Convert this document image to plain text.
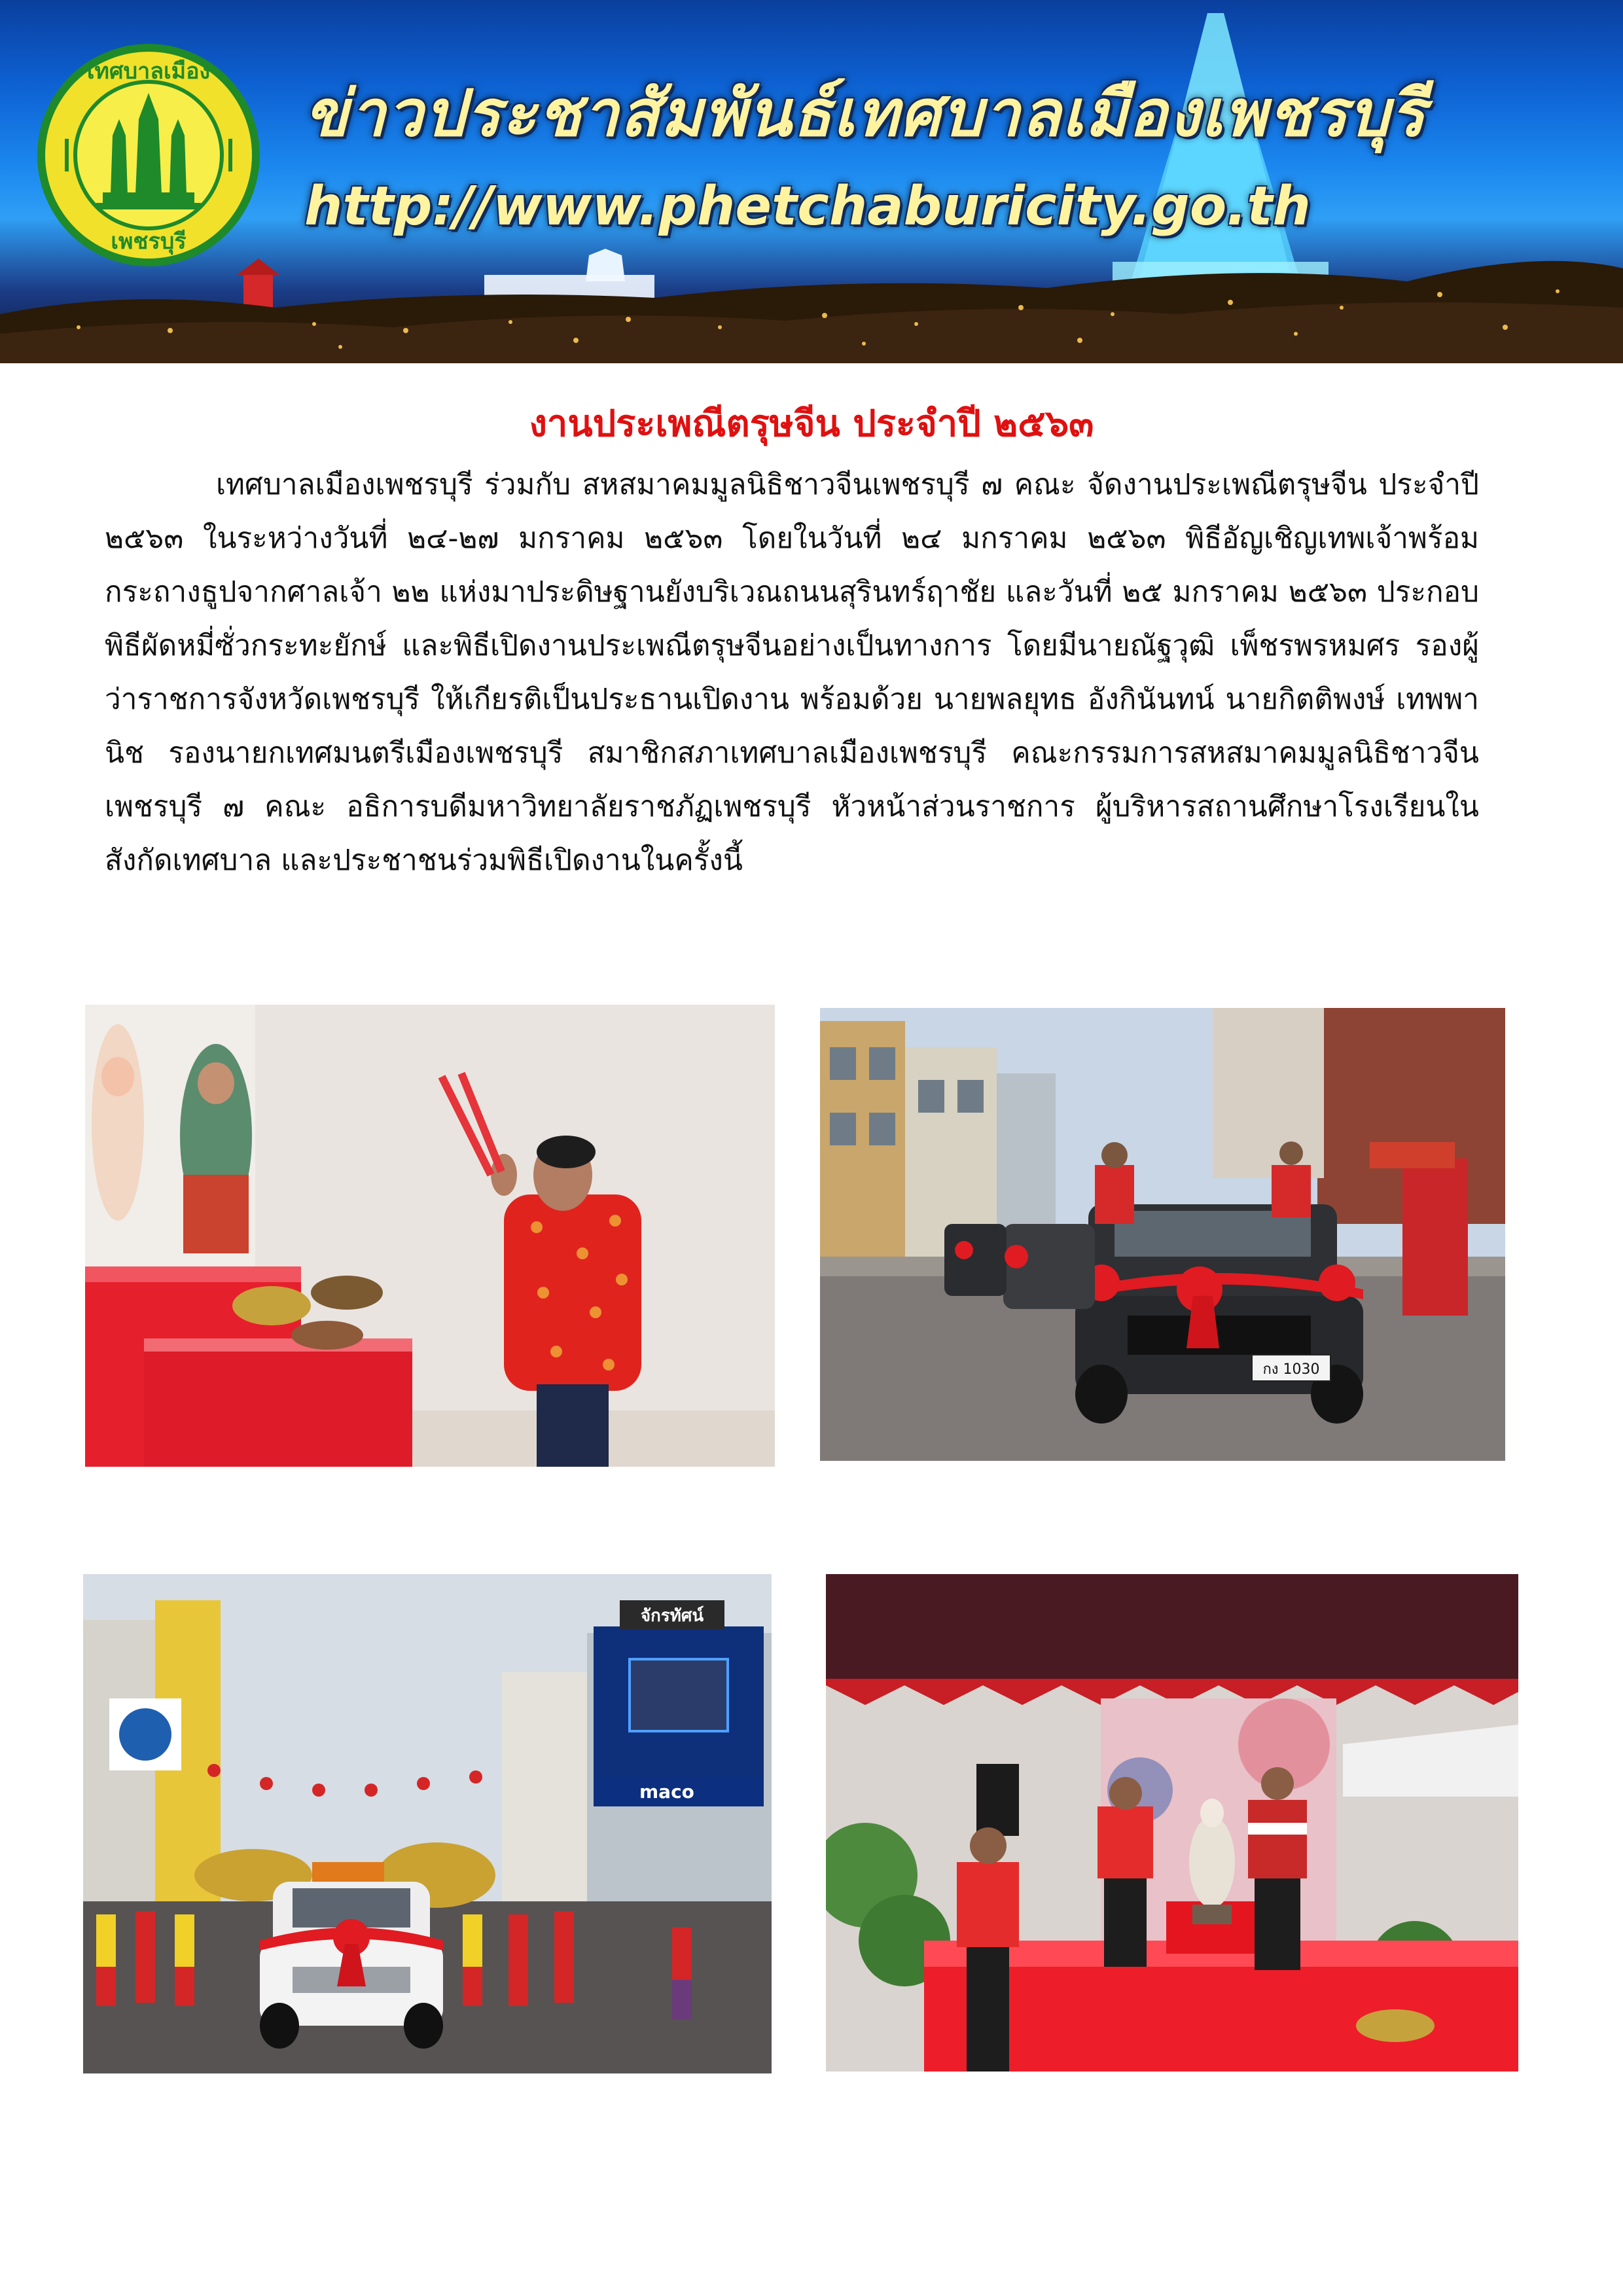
เทศบาลเมือง
เพชรบุรี
ข่าวประชาสัมพันธ์เทศบาลเมืองเพชรบุรี
http://www.phetchaburicity.go.th
งานประเพณีตรุษจีน ประจำปี ๒๕๖๓
เทศบาลเมืองเพชรบุรี ร่วมกับ สหสมาคมมูลนิธิชาวจีนเพชรบุรี ๗ คณะ จัดงานประเพณีตรุษจีน ประจำปี ๒๕๖๓ ในระหว่างวันที่ ๒๔-๒๗ มกราคม ๒๕๖๓ โดยในวันที่ ๒๔ มกราคม ๒๕๖๓ พิธีอัญเชิญเทพเจ้าพร้อมกระถางธูปจากศาลเจ้า ๒๒ แห่งมาประดิษฐานยังบริเวณถนนสุรินทร์ฤาชัย และวันที่ ๒๕ มกราคม ๒๕๖๓ ประกอบพิธีผัดหมี่ซั่วกระทะยักษ์ และพิธีเปิดงานประเพณีตรุษจีนอย่างเป็นทางการ โดยมีนายณัฐวุฒิ เพ็ชรพรหมศร รองผู้ว่าราชการจังหวัดเพชรบุรี ให้เกียรติเป็นประธานเปิดงาน พร้อมด้วย นายพลยุทธ อังกินันทน์ นายกิตติพงษ์ เทพพานิช รองนายกเทศมนตรีเมืองเพชรบุรี สมาชิกสภาเทศบาลเมืองเพชรบุรี คณะกรรมการสหสมาคมมูลนิธิชาวจีนเพชรบุรี ๗ คณะ อธิการบดีมหาวิทยาลัยราชภัฏเพชรบุรี หัวหน้าส่วนราชการ ผู้บริหารสถานศึกษาโรงเรียนในสังกัดเทศบาล และประชาชนร่วมพิธีเปิดงานในครั้งนี้
กง 1030
จักรทัศน์
maco
